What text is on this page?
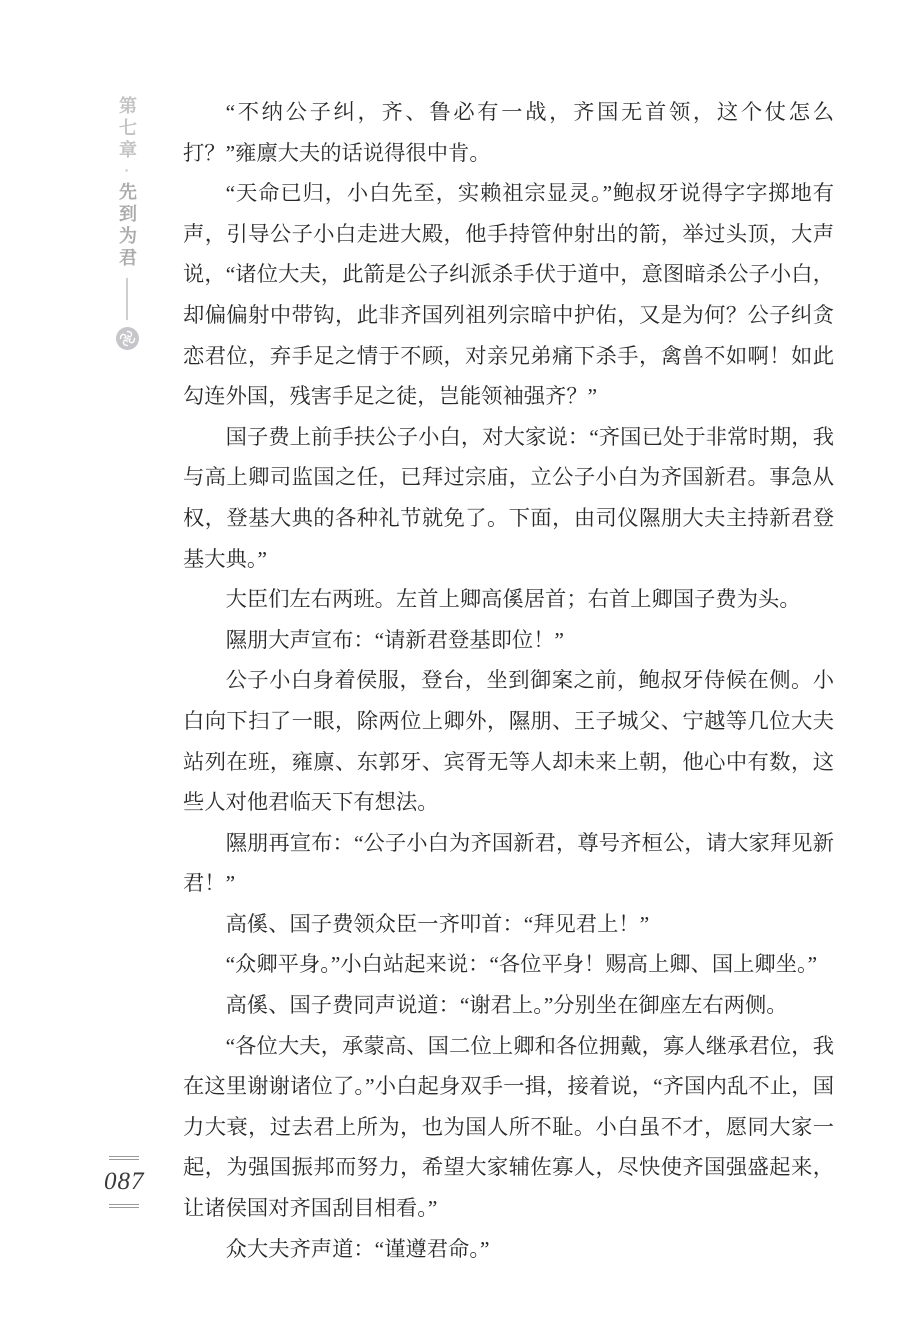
第七章·先到为君

“不纳公子纠，齐、鲁必有一战，齐国无首领，这个仗怎么打？”雍廪大夫的话说得很中肯。

“天命已归，小白先至，实赖祖宗显灵。”鲍叔牙说得字字掷地有声，引导公子小白走进大殿，他手持管仲射出的箭，举过头顶，大声说，“诸位大夫，此箭是公子纠派杀手伏于道中，意图暗杀公子小白，却偏偏射中带钩，此非齐国列祖列宗暗中护佑，又是为何？公子纠贪恋君位，弃手足之情于不顾，对亲兄弟痛下杀手，禽兽不如啊！如此勾连外国，残害手足之徒，岂能领袖强齐？”

国子费上前手扶公子小白，对大家说：“齐国已处于非常时期，我与高上卿司监国之任，已拜过宗庙，立公子小白为齐国新君。事急从权，登基大典的各种礼节就免了。下面，由司仪隰朋大夫主持新君登基大典。”

大臣们左右两班。左首上卿高傒居首；右首上卿国子费为头。

隰朋大声宣布：“请新君登基即位！”

公子小白身着侯服，登台，坐到御案之前，鲍叔牙侍候在侧。小白向下扫了一眼，除两位上卿外，隰朋、王子城父、宁越等几位大夫站列在班，雍廪、东郭牙、宾胥无等人却未来上朝，他心中有数，这些人对他君临天下有想法。

隰朋再宣布：“公子小白为齐国新君，尊号齐桓公，请大家拜见新君！”

高傒、国子费领众臣一齐叩首：“拜见君上！”

“众卿平身。”小白站起来说：“各位平身！赐高上卿、国上卿坐。”

高傒、国子费同声说道：“谢君上。”分别坐在御座左右两侧。

“各位大夫，承蒙高、国二位上卿和各位拥戴，寡人继承君位，我在这里谢谢诸位了。”小白起身双手一揖，接着说，“齐国内乱不止，国力大衰，过去君上所为，也为国人所不耻。小白虽不才，愿同大家一起，为强国振邦而努力，希望大家辅佐寡人，尽快使齐国强盛起来，让诸侯国对齐国刮目相看。”

众大夫齐声道：“谨遵君命。”

087
